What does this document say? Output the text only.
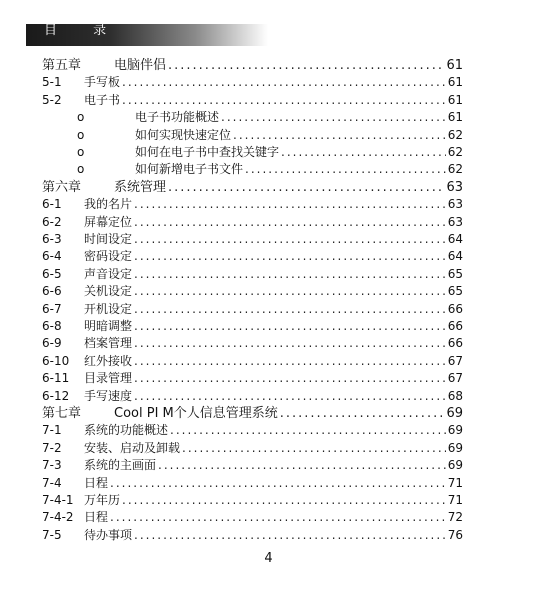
目 录
第五章	电脑伴侣 .....	61
5-1	手写板 .....	61
5-2	电子书 .....	61
o	电子书功能概述 .....	61
o	如何实现快速定位 .....	62
o	如何在电子书中查找关键字 .....	62
o	如何新增电子书文件 .....	62
第六章	系统管理 .....	63
6-1	我的名片 .....	63
6-2	屏幕定位 .....	63
6-3	时间设定 .....	64
6-4	密码设定 .....	64
6-5	声音设定 .....	65
6-6	关机设定 .....	65
6-7	开机设定 .....	66
6-8	明暗调整 .....	66
6-9	档案管理 .....	66
6-10	红外接收 .....	67
6-11	目录管理 .....	67
6-12	手写速度 .....	68
第七章	Cool PI M个人信息管理系统 .....	69
7-1	系统的功能概述 .....	69
7-2	安装、启动及卸载 .....	69
7-3	系统的主画面 .....	69
7-4	日程 .....	71
7-4-1 万年历 .....	71
7-4-2 日程 .....	72
7-5	待办事项 .....	76
4
